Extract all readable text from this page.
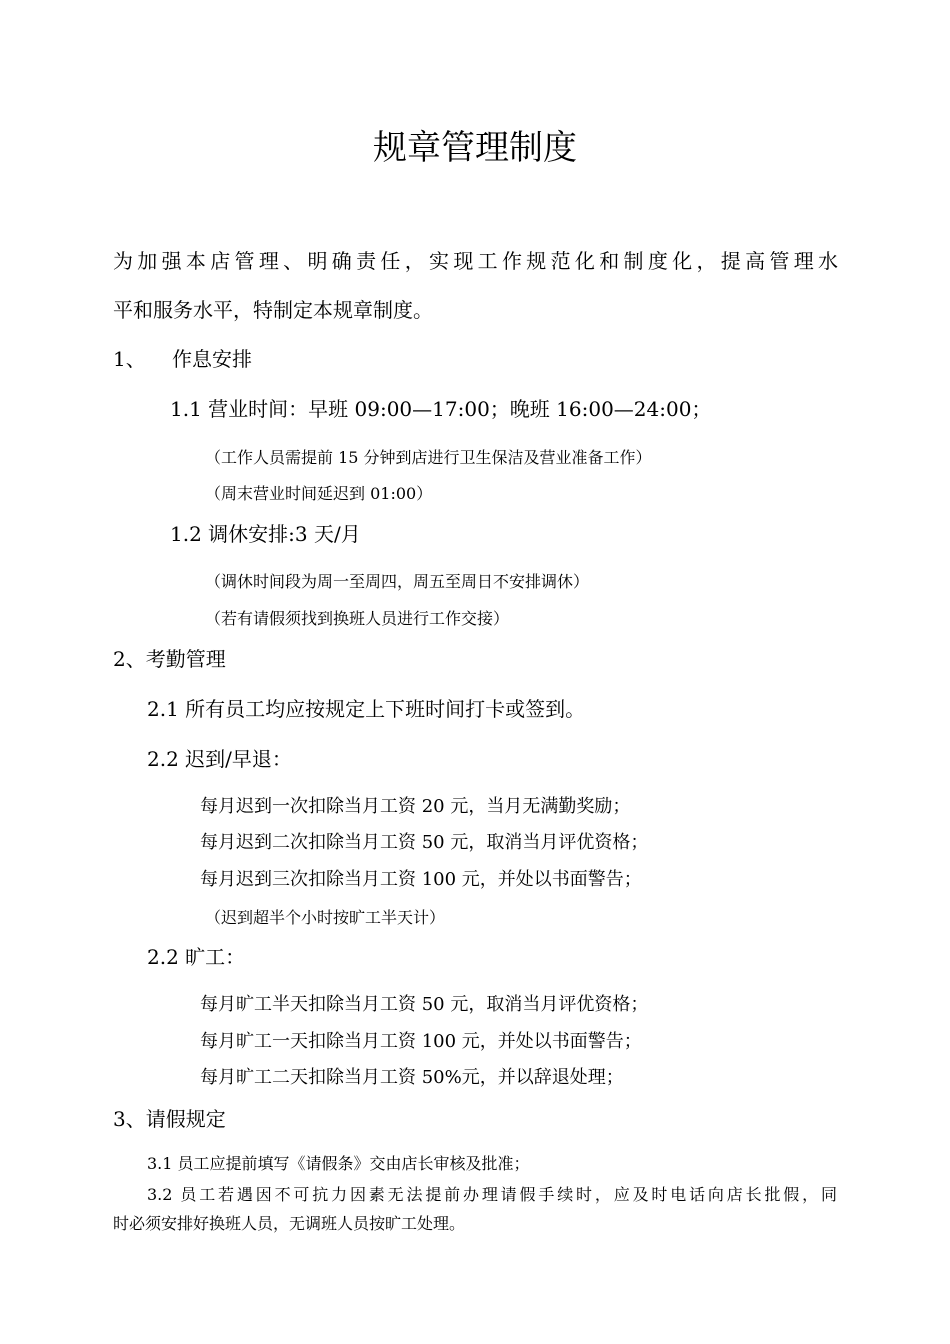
规章管理制度
为加强本店管理、明确责任，实现工作规范化和制度化，提高管理水
平和服务水平，特制定本规章制度。
1、 作息安排
1.1 营业时间：早班 09:00—17:00；晚班 16:00—24:00；
（工作人员需提前 15 分钟到店进行卫生保洁及营业准备工作）
（周末营业时间延迟到 01:00）
1.2 调休安排:3 天/月
（调休时间段为周一至周四，周五至周日不安排调休）
（若有请假须找到换班人员进行工作交接）
2、考勤管理
2.1 所有员工均应按规定上下班时间打卡或签到。
2.2 迟到/早退：
每月迟到一次扣除当月工资 20 元，当月无满勤奖励；
每月迟到二次扣除当月工资 50 元，取消当月评优资格；
每月迟到三次扣除当月工资 100 元，并处以书面警告；
（迟到超半个小时按旷工半天计）
2.2 旷工：
每月旷工半天扣除当月工资 50 元，取消当月评优资格；
每月旷工一天扣除当月工资 100 元，并处以书面警告；
每月旷工二天扣除当月工资 50%元，并以辞退处理；
3、请假规定
3.1 员工应提前填写《请假条》交由店长审核及批准；
3.2 员工若遇因不可抗力因素无法提前办理请假手续时，应及时电话向店长批假，同
时必须安排好换班人员，无调班人员按旷工处理。
